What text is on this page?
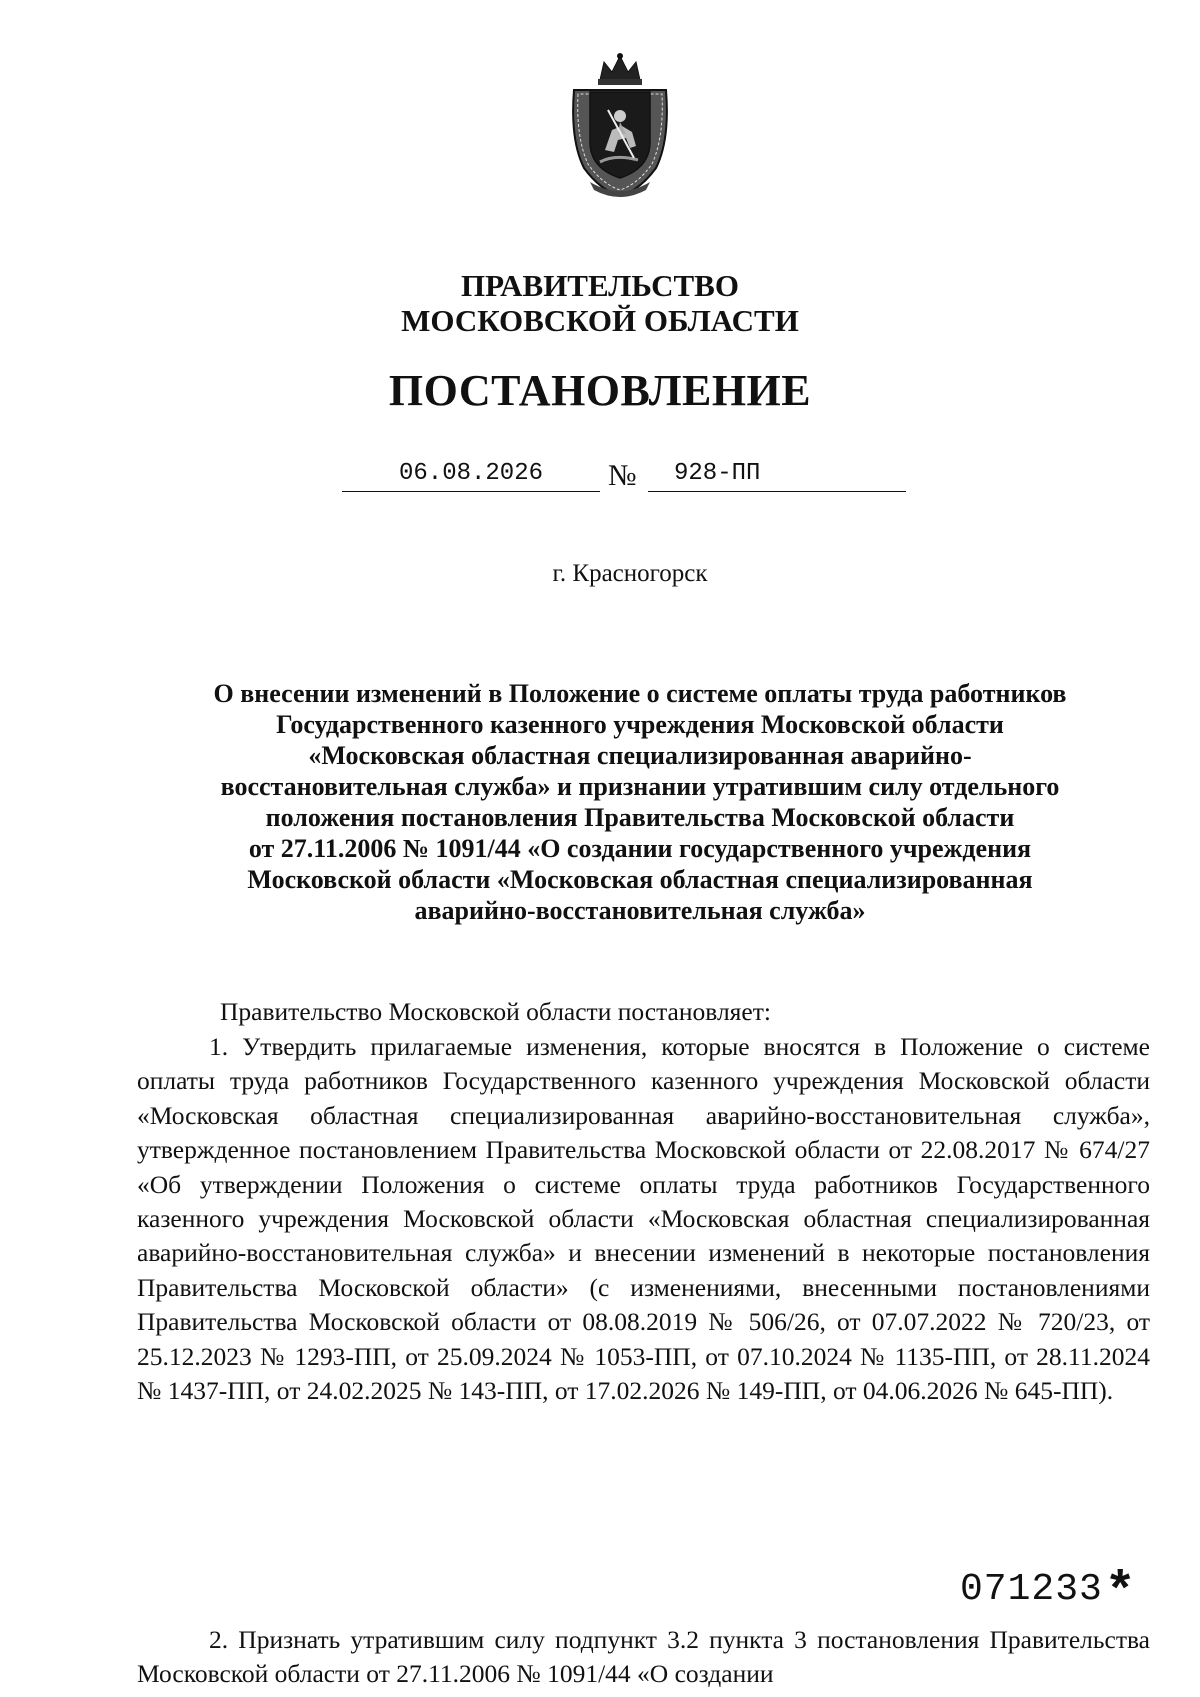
ПРАВИТЕЛЬСТВО
МОСКОВСКОЙ ОБЛАСТИ
ПОСТАНОВЛЕНИЕ
06.08.2026	№	928-ПП
г. Красногорск
О внесении изменений в Положение о системе оплаты труда работников
Государственного казенного учреждения Московской области
«Московская областная специализированная аварийно-
восстановительная служба» и признании утратившим силу отдельного
положения постановления Правительства Московской области
от 27.11.2006 № 1091/44 «О создании государственного учреждения
Московской области «Московская областная специализированная
аварийно-восстановительная служба»

Правительство Московской области постановляет:

1. Утвердить прилагаемые изменения, которые вносятся в Положение о системе оплаты труда работников Государственного казенного учреждения Московской области «Московская областная специализированная аварийно-восстановительная служба», утвержденное постановлением Правительства Московской области от 22.08.2017 № 674/27 «Об утверждении Положения о системе оплаты труда работников Государственного казенного учреждения Московской области «Московская областная специализированная аварийно-восстановительная служба» и внесении изменений в некоторые постановления Правительства Московской области» (с изменениями, внесенными постановлениями Правительства Московской области от 08.08.2019 № 506/26, от 07.07.2022 № 720/23, от 25.12.2023 № 1293-ПП, от 25.09.2024 № 1053-ПП, от 07.10.2024 № 1135-ПП, от 28.11.2024 № 1437-ПП, от 24.02.2025 № 143-ПП, от 17.02.2026 № 149-ПП, от 04.06.2026 № 645-ПП).

2. Признать утратившим силу подпункт 3.2 пункта 3 постановления Правительства Московской области от 27.11.2006 № 1091/44 «О создании

071233 *
